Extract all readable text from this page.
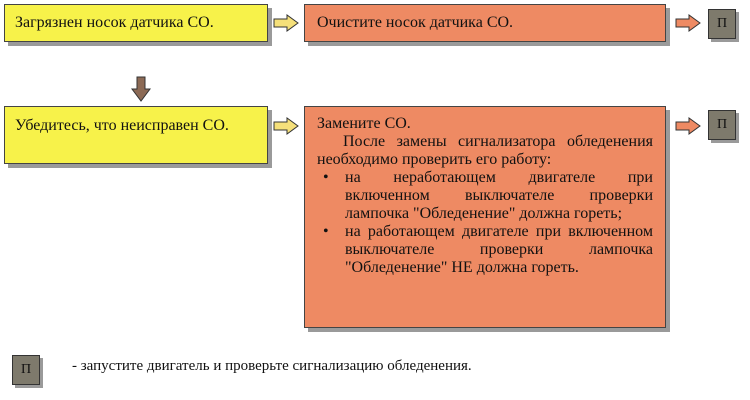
Загрязнен носок датчика СО.	Очистите носок датчика СО.	П
Убедитесь, что неисправен СО.	Замените СО.
После замены сигнализатора обледенения необходимо проверить его работу:
• на неработающем двигателе при включенном выключателе проверки лампочка "Обледенение" должна гореть;
• на работающем двигателе при включенном выключателе проверки лампочка "Обледенение" НЕ должна гореть.
П
П	- запустите двигатель и проверьте сигнализацию обледенения.
